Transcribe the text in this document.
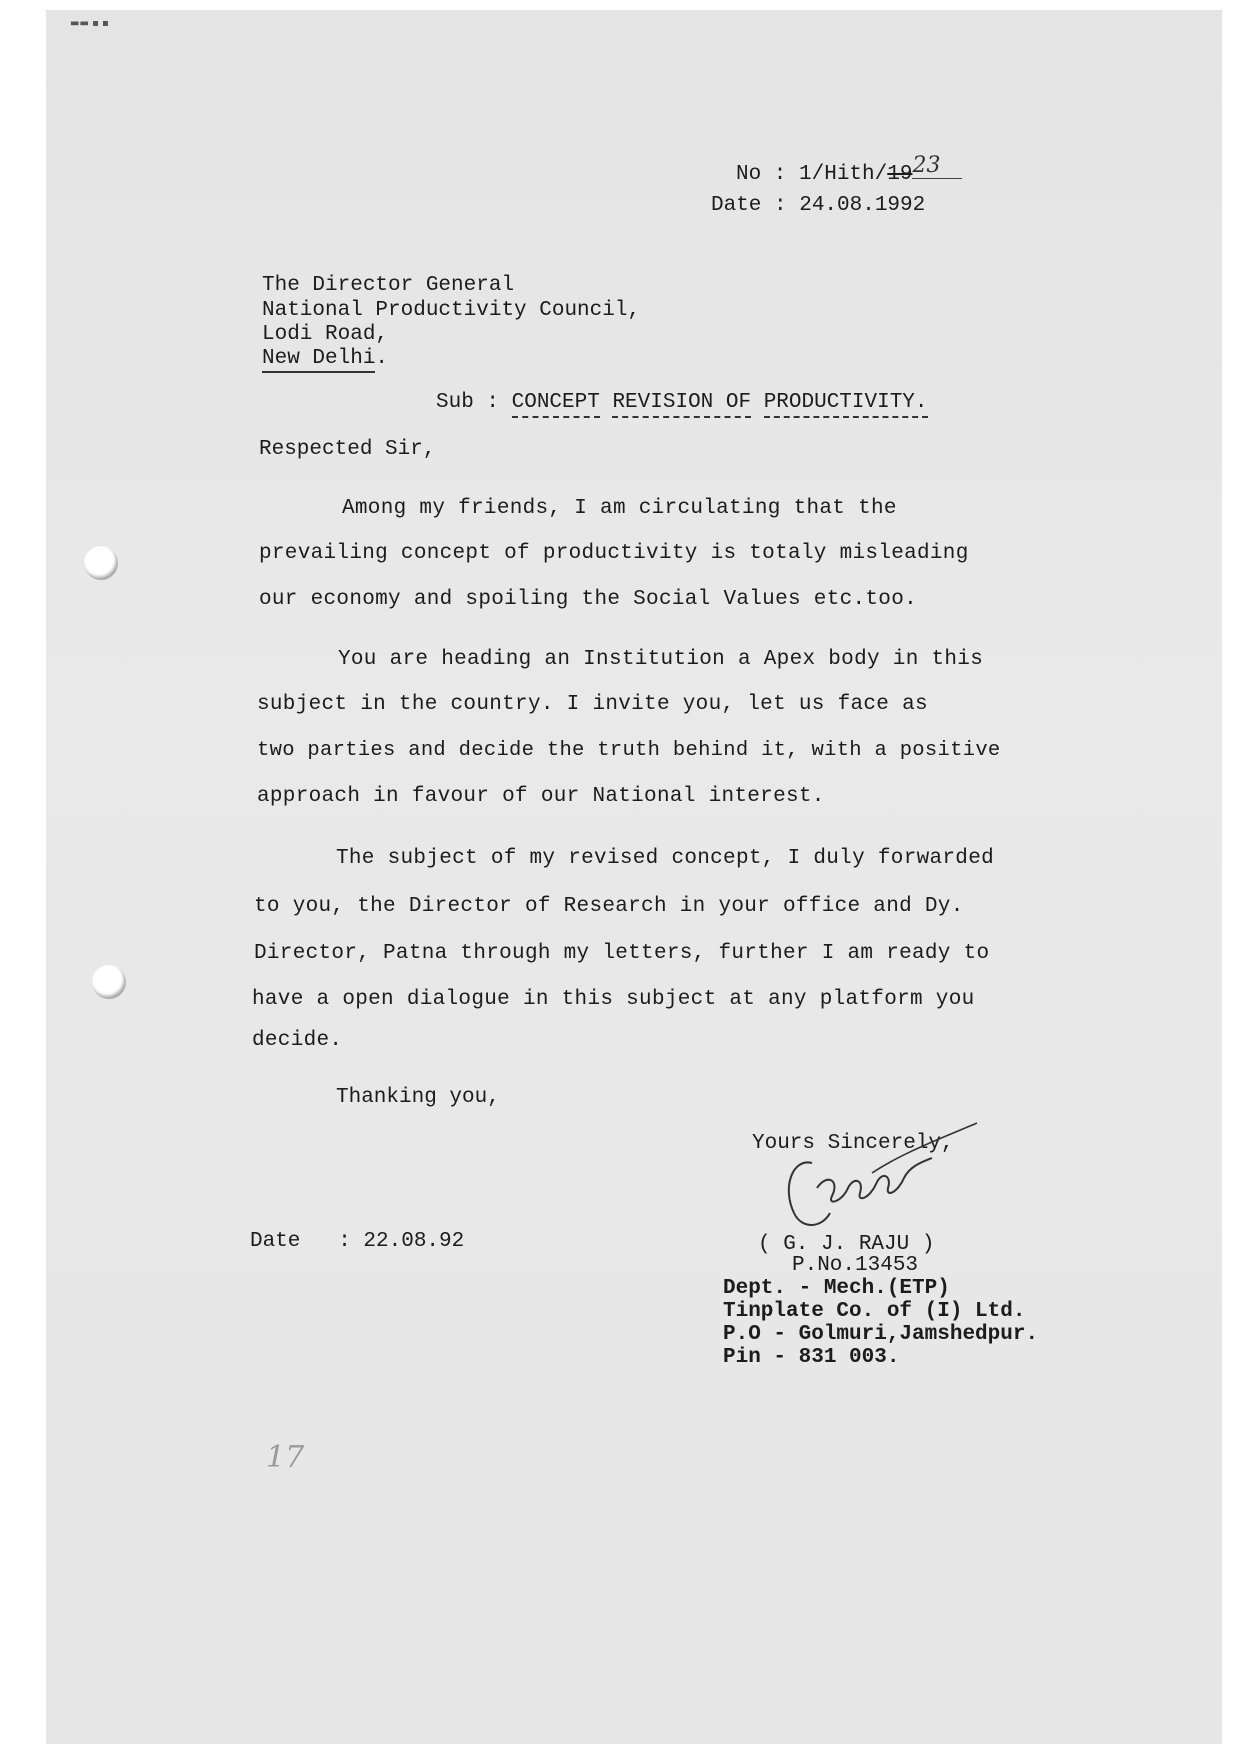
▬▬ ▪ ▪
No : 1/Hith/1923
Date : 24.08.1992
The Director General
National Productivity Council,
Lodi Road,
New Delhi.
Sub : CONCEPT REVISION OF PRODUCTIVITY.
Respected Sir,
Among my friends, I am circulating that the
prevailing concept of productivity is totaly misleading
our economy and spoiling the Social Values etc.too.
You are heading an Institution a Apex body in this
subject in the country. I invite you, let us face as
two parties and decide the truth behind it, with a positive
approach in favour of our National interest.
The subject of my revised concept, I duly forwarded
to you, the Director of Research in your office and Dy.
Director, Patna through my letters, further I am ready to
have a open dialogue in this subject at any platform you
decide.
Thanking you,
Yours Sincerely,
Date   : 22.08.92	( G. J. RAJU )
P.No.13453
Dept. - Mech.(ETP)
Tinplate Co. of (I) Ltd.
P.O - Golmuri,Jamshedpur.
Pin - 831 003.
17
